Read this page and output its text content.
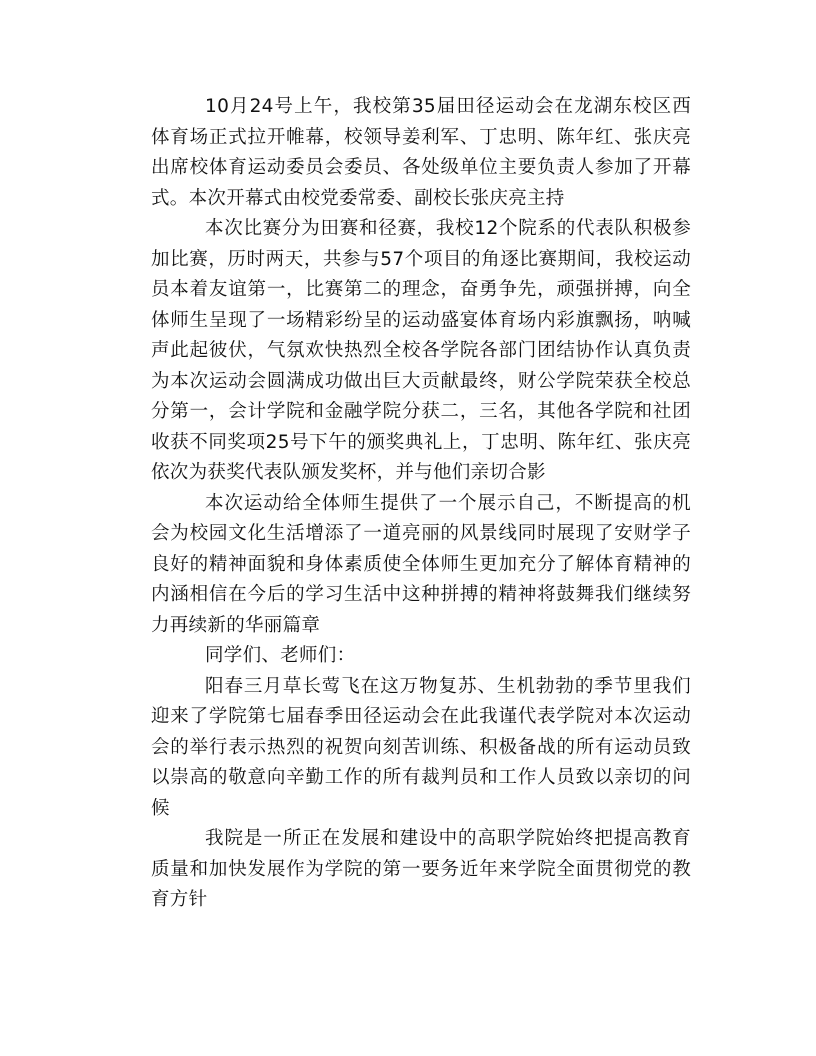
10月24号上午，我校第35届田径运动会在龙湖东校区西体育场正式拉开帷幕，校领导姜利军、丁忠明、陈年红、张庆亮出席校体育运动委员会委员、各处级单位主要负责人参加了开幕式。本次开幕式由校党委常委、副校长张庆亮主持

本次比赛分为田赛和径赛，我校12个院系的代表队积极参加比赛，历时两天，共参与57个项目的角逐比赛期间，我校运动员本着友谊第一，比赛第二的理念，奋勇争先，顽强拼搏，向全体师生呈现了一场精彩纷呈的运动盛宴体育场内彩旗飘扬，呐喊声此起彼伏，气氛欢快热烈全校各学院各部门团结协作认真负责为本次运动会圆满成功做出巨大贡献最终，财公学院荣获全校总分第一，会计学院和金融学院分获二，三名，其他各学院和社团收获不同奖项25号下午的颁奖典礼上，丁忠明、陈年红、张庆亮依次为获奖代表队颁发奖杯，并与他们亲切合影

本次运动给全体师生提供了一个展示自己，不断提高的机会为校园文化生活增添了一道亮丽的风景线同时展现了安财学子良好的精神面貌和身体素质使全体师生更加充分了解体育精神的内涵相信在今后的学习生活中这种拼搏的精神将鼓舞我们继续努力再续新的华丽篇章

同学们、老师们：

阳春三月草长莺飞在这万物复苏、生机勃勃的季节里我们迎来了学院第七届春季田径运动会在此我谨代表学院对本次运动会的举行表示热烈的祝贺向刻苦训练、积极备战的所有运动员致以崇高的敬意向辛勤工作的所有裁判员和工作人员致以亲切的问候

我院是一所正在发展和建设中的高职学院始终把提高教育质量和加快发展作为学院的第一要务近年来学院全面贯彻党的教育方针
